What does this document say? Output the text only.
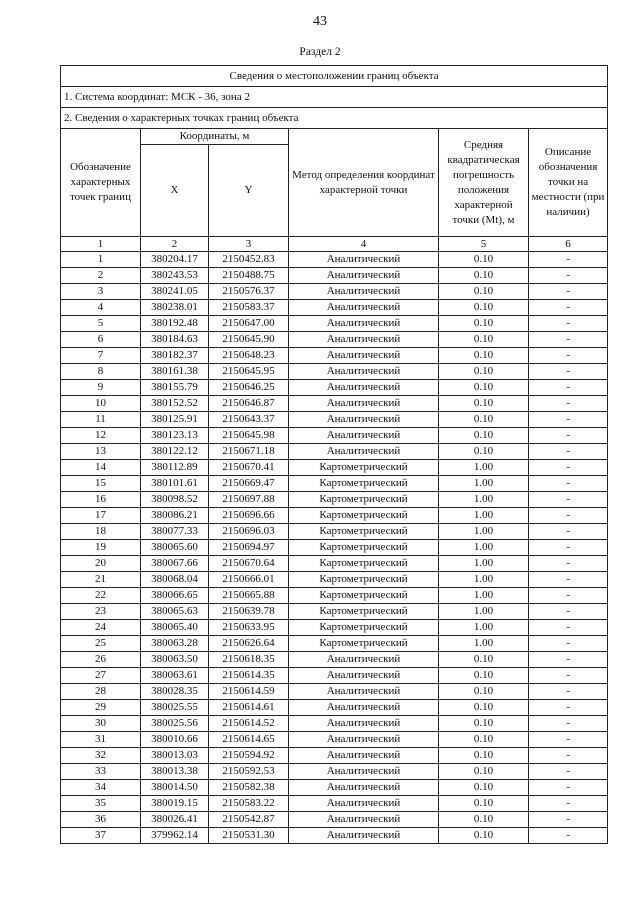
43
Раздел 2
Сведения о местоположении границ объекта					
1. Система координат: МСК - 36, зона 2					
2. Сведения о характерных точках границ объекта					
Обозначение характерных точек границ	Координаты, м		Метод определения координат характерной точки	Средняя квадратическая погрешность положения характерной точки (Mt), м	Описание обозначения точки на местности (при наличии)
	X	Y			
1	2	3	4	5	6
1	380204.17	2150452.83	Аналитический	0.10	-
2	380243.53	2150488.75	Аналитический	0.10	-
3	380241.05	2150576.37	Аналитический	0.10	-
4	380238.01	2150583.37	Аналитический	0.10	-
5	380192.48	2150647.00	Аналитический	0.10	-
6	380184.63	2150645.90	Аналитический	0.10	-
7	380182.37	2150648.23	Аналитический	0.10	-
8	380161.38	2150645.95	Аналитический	0.10	-
9	380155.79	2150646.25	Аналитический	0.10	-
10	380152.52	2150646.87	Аналитический	0.10	-
11	380125.91	2150643.37	Аналитический	0.10	-
12	380123.13	2150645.98	Аналитический	0.10	-
13	380122.12	2150671.18	Аналитический	0.10	-
14	380112.89	2150670.41	Картометрический	1.00	-
15	380101.61	2150669.47	Картометрический	1.00	-
16	380098.52	2150697.88	Картометрический	1.00	-
17	380086.21	2150696.66	Картометрический	1.00	-
18	380077.33	2150696.03	Картометрический	1.00	-
19	380065.60	2150694.97	Картометрический	1.00	-
20	380067.66	2150670.64	Картометрический	1.00	-
21	380068.04	2150666.01	Картометрический	1.00	-
22	380066.65	2150665.88	Картометрический	1.00	-
23	380065.63	2150639.78	Картометрический	1.00	-
24	380065.40	2150633.95	Картометрический	1.00	-
25	380063.28	2150626.64	Картометрический	1.00	-
26	380063.50	2150618.35	Аналитический	0.10	-
27	380063.61	2150614.35	Аналитический	0.10	-
28	380028.35	2150614.59	Аналитический	0.10	-
29	380025.55	2150614.61	Аналитический	0.10	-
30	380025.56	2150614.52	Аналитический	0.10	-
31	380010.66	2150614.65	Аналитический	0.10	-
32	380013.03	2150594.92	Аналитический	0.10	-
33	380013.38	2150592.53	Аналитический	0.10	-
34	380014.50	2150582.38	Аналитический	0.10	-
35	380019.15	2150583.22	Аналитический	0.10	-
36	380026.41	2150542.87	Аналитический	0.10	-
37	379962.14	2150531.30	Аналитический	0.10	-
